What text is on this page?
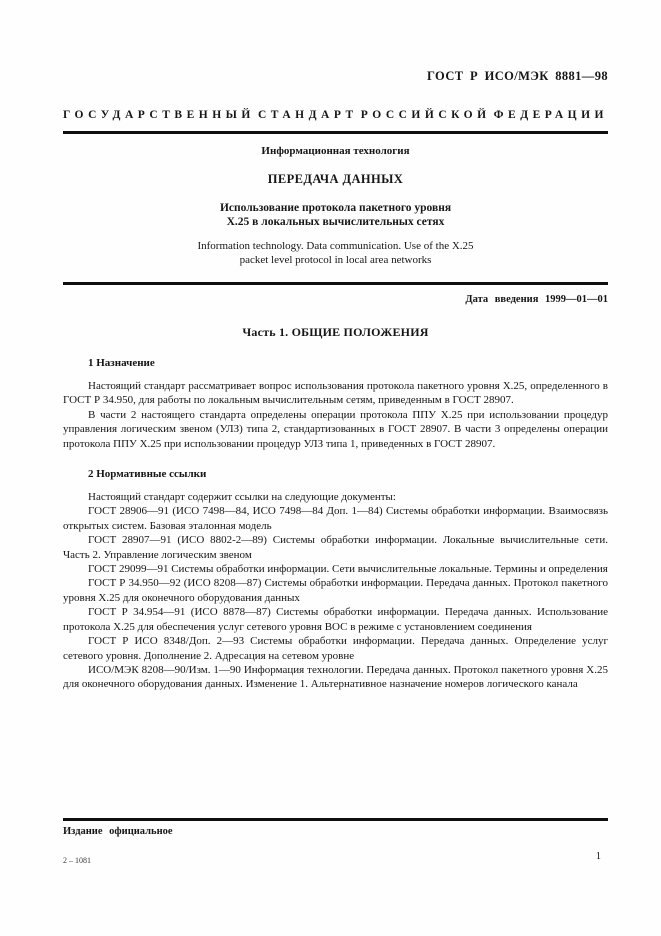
ГОСТ Р ИСО/МЭК 8881—98
ГОСУДАРСТВЕННЫЙ СТАНДАРТ РОССИЙСКОЙ ФЕДЕРАЦИИ
Информационная технология
ПЕРЕДАЧА ДАННЫХ
Использование протокола пакетного уровня
Х.25 в локальных вычислительных сетях
Information technology. Data communication. Use of the X.25
packet level protocol in local area networks
Дата введения 1999—01—01
Часть 1. ОБЩИЕ ПОЛОЖЕНИЯ
1 Назначение

Настоящий стандарт рассматривает вопрос использования протокола пакетного уровня Х.25, определенного в ГОСТ Р 34.950, для работы по локальным вычислительным сетям, приведенным в ГОСТ 28907.

В части 2 настоящего стандарта определены операции протокола ППУ Х.25 при использовании процедур управления логическим звеном (УЛЗ) типа 2, стандартизованных в ГОСТ 28907. В части 3 определены операции протокола ППУ Х.25 при использовании процедур УЛЗ типа 1, приведенных в ГОСТ 28907.

2 Нормативные ссылки

Настоящий стандарт содержит ссылки на следующие документы:

ГОСТ 28906—91 (ИСО 7498—84, ИСО 7498—84 Доп. 1—84) Системы обработки информации. Взаимосвязь открытых систем. Базовая эталонная модель

ГОСТ 28907—91 (ИСО 8802-2—89) Системы обработки информации. Локальные вычислительные сети. Часть 2. Управление логическим звеном

ГОСТ 29099—91 Системы обработки информации. Сети вычислительные локальные. Термины и определения

ГОСТ Р 34.950—92 (ИСО 8208—87) Системы обработки информации. Передача данных. Протокол пакетного уровня Х.25 для оконечного оборудования данных

ГОСТ Р 34.954—91 (ИСО 8878—87) Системы обработки информации. Передача данных. Использование протокола Х.25 для обеспечения услуг сетевого уровня ВОС в режиме с установлением соединения

ГОСТ Р ИСО 8348/Доп. 2—93 Системы обработки информации. Передача данных. Определение услуг сетевого уровня. Дополнение 2. Адресация на сетевом уровне

ИСО/МЭК 8208—90/Изм. 1—90 Информация технологии. Передача данных. Протокол пакетного уровня Х.25 для оконечного оборудования данных. Изменение 1. Альтернативное назначение номеров логического канала

Издание официальное
2 – 1081	1
